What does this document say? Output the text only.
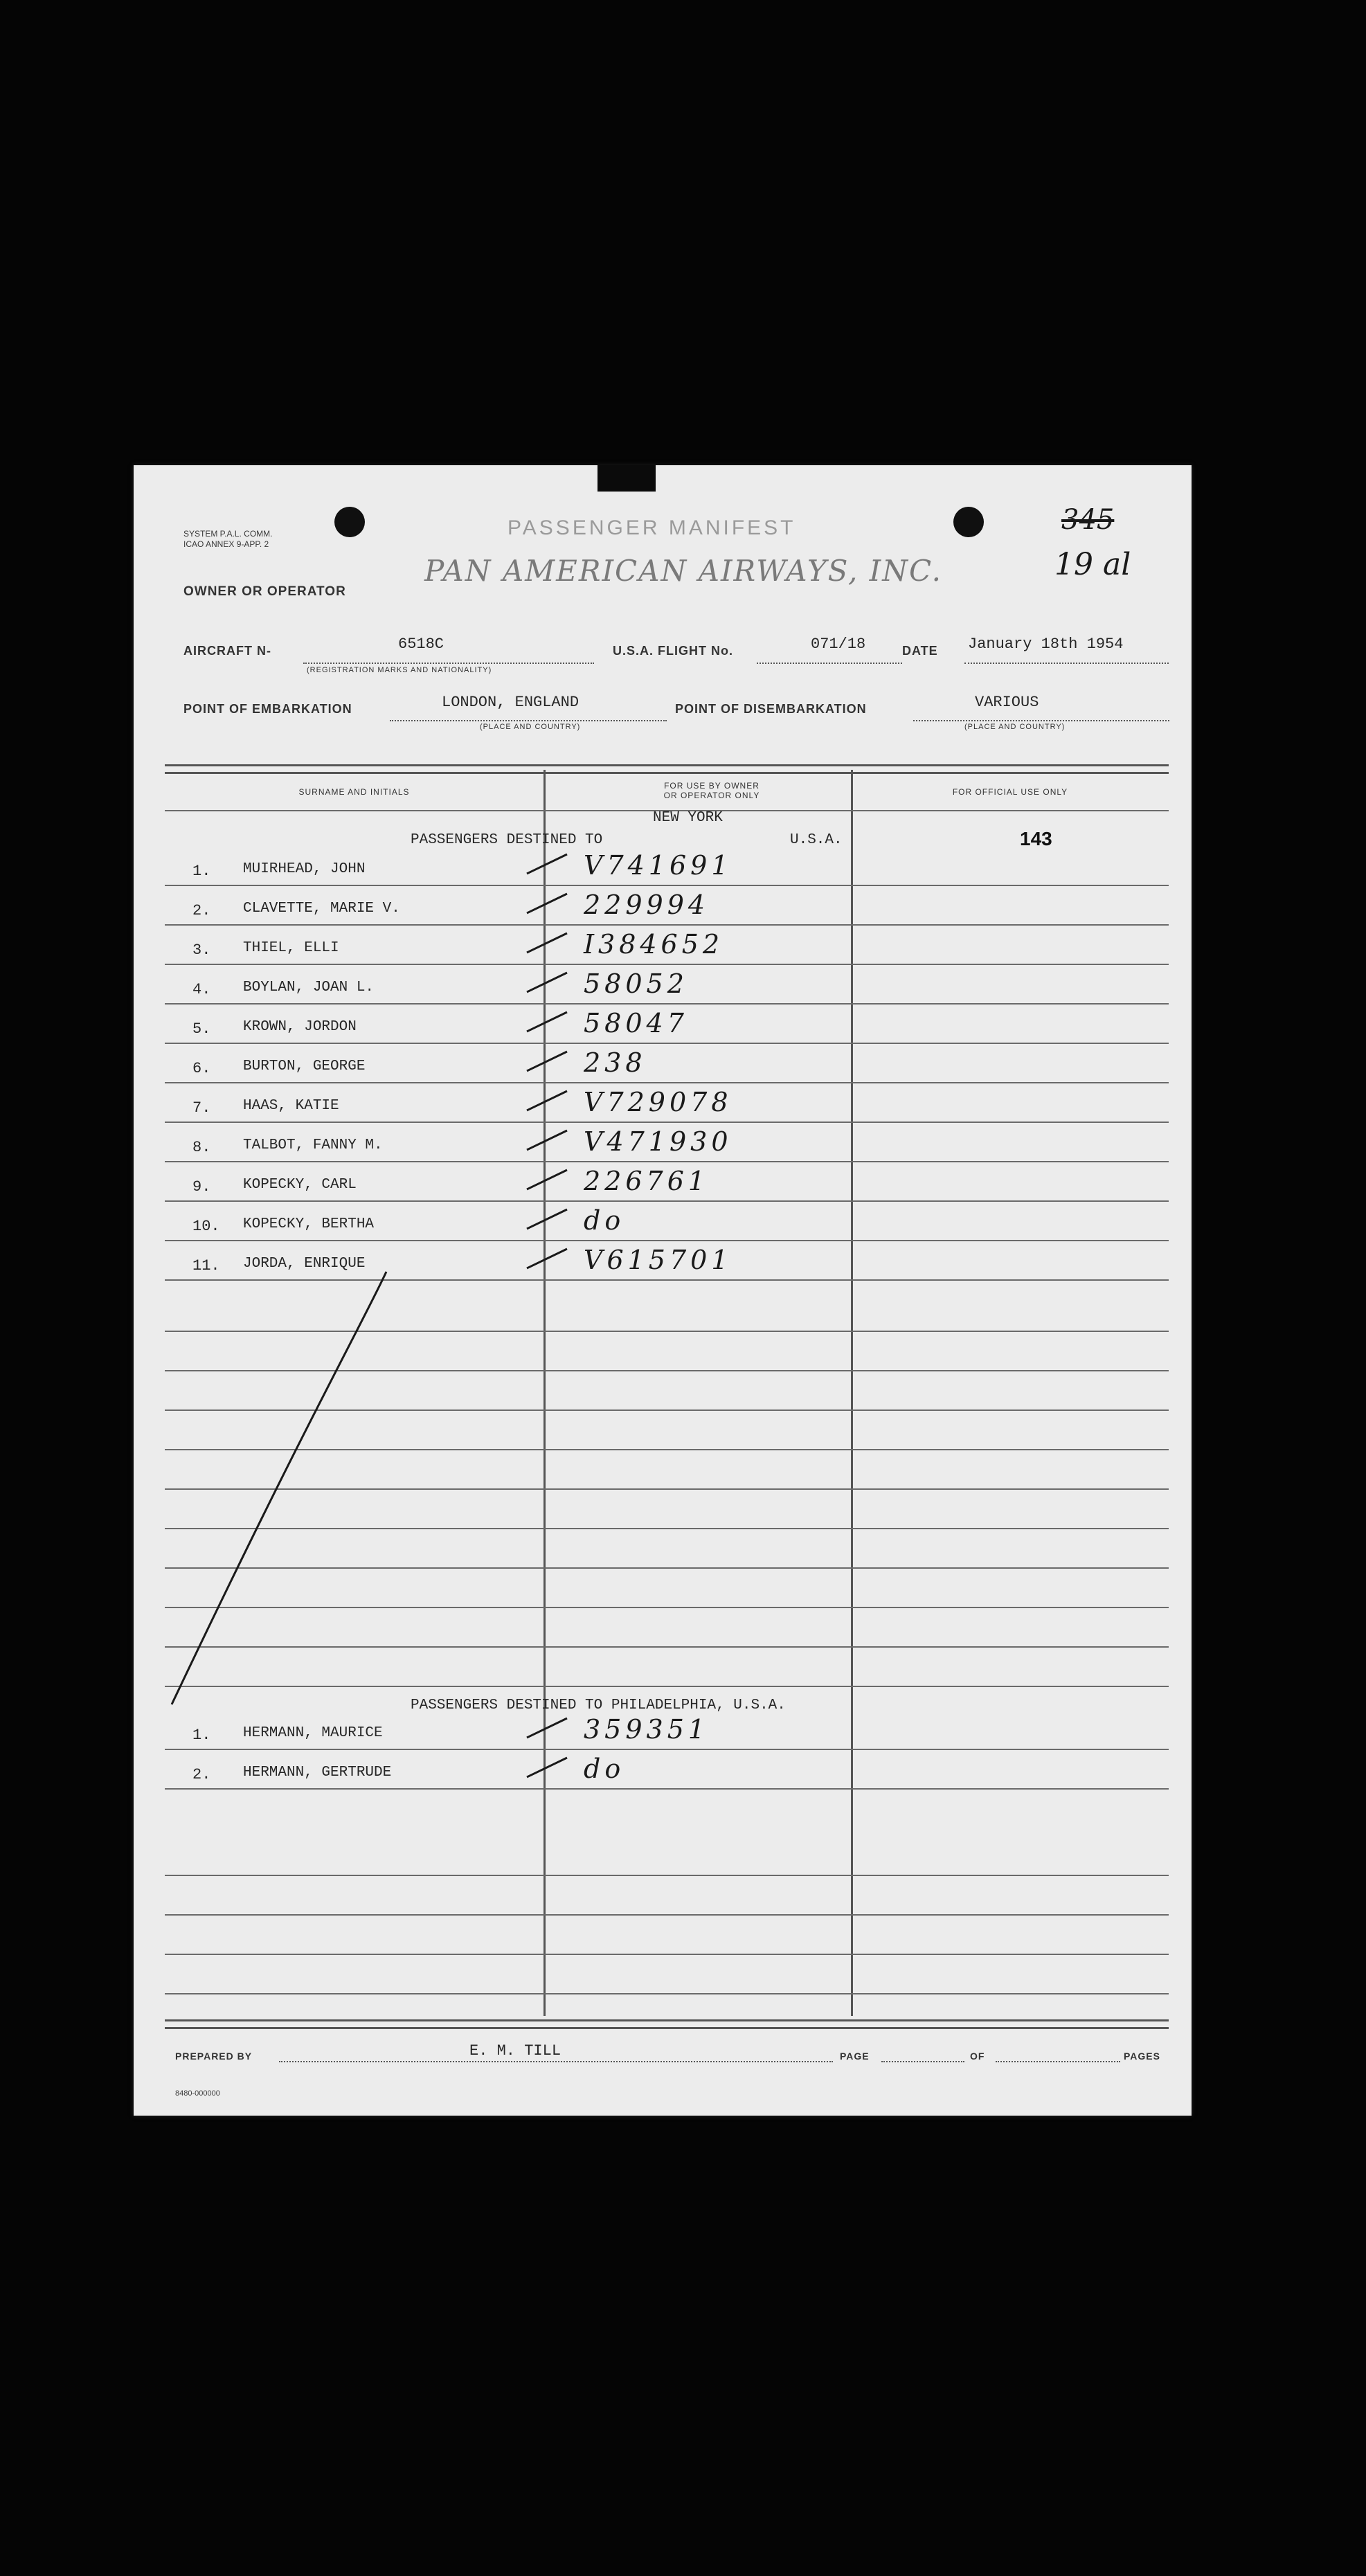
SYSTEM P.A.L. COMM.
ICAO ANNEX 9-APP. 2
PASSENGER MANIFEST
PAN AMERICAN AIRWAYS, INC.
OWNER OR OPERATOR
345
19 al
AIRCRAFT N-	6518C
(REGISTRATION MARKS AND NATIONALITY)
U.S.A. FLIGHT No.	071/18	DATE January 18th 1954
POINT OF EMBARKATION	LONDON, ENGLAND
(PLACE AND COUNTRY)
POINT OF DISEMBARKATION	VARIOUS
(PLACE AND COUNTRY)
SURNAME AND INITIALS
FOR USE BY OWNER OR OPERATOR ONLY	FOR OFFICIAL USE ONLY
NEW YORK
PASSENGERS DESTINED TO	U.S.A.	143
1. MUIRHEAD, JOHN	V741691
2. CLAVETTE, MARIE V.	229994
3. THIEL, ELLI	I384652
4. BOYLAN, JOAN L.	58052
5. KROWN, JORDON	58047
6. BURTON, GEORGE	238
7. HAAS, KATIE	V729078
8. TALBOT, FANNY M.	V471930
9. KOPECKY, CARL	226761
10. KOPECKY, BERTHA	do
11. JORDA, ENRIQUE	V615701
PASSENGERS DESTINED TO PHILADELPHIA, U.S.A.
1. HERMANN, MAURICE	359351
2. HERMANN, GERTRUDE	do
PREPARED BY	E. M. TILL	PAGE	OF	PAGES
8480-000000
